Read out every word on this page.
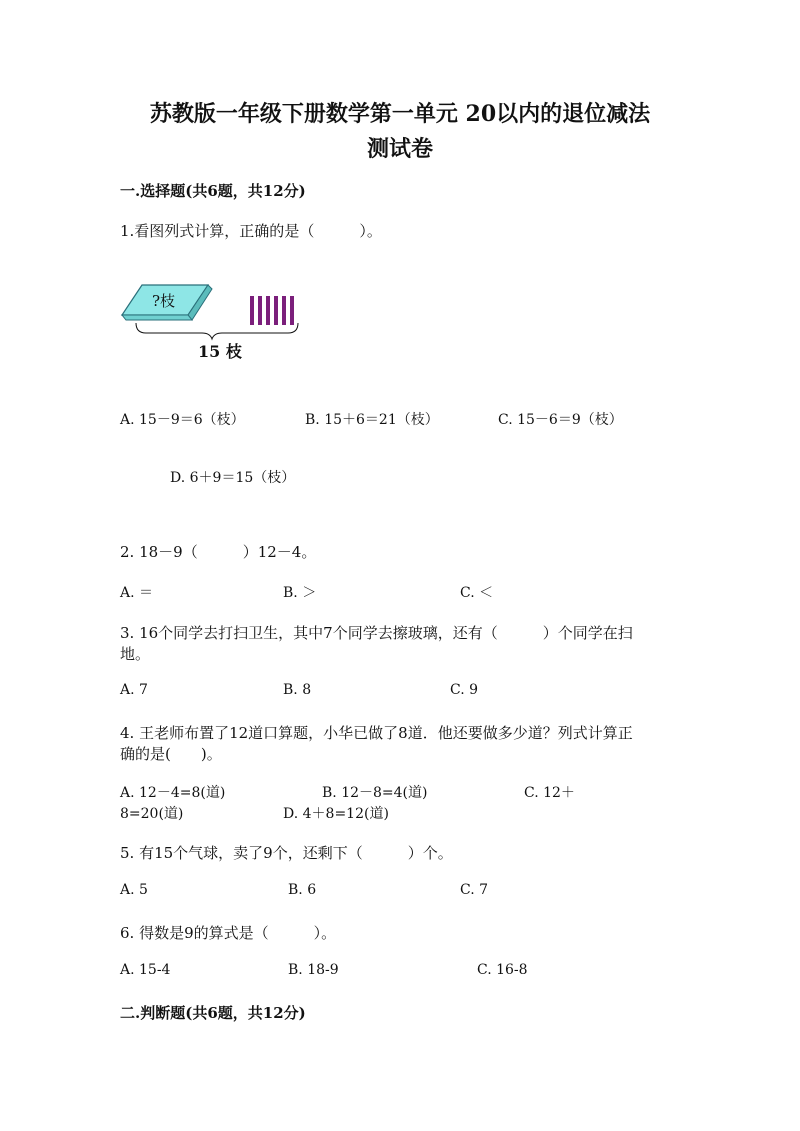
苏教版一年级下册数学第一单元 20以内的退位减法
测试卷
一.选择题(共6题，共12分)
1.看图列式计算，正确的是（　　　）。
?枝
15 枝
A. 15－9＝6（枝）	B. 15＋6＝21（枝）	C. 15－6＝9（枝）
D. 6＋9＝15（枝）
2. 18－9（　　　）12－4。
A. ＝	B. ＞	C. ＜
3. 16个同学去打扫卫生，其中7个同学去擦玻璃，还有（　　　）个同学在扫
地。
A. 7	B. 8	C. 9
4. 王老师布置了12道口算题，小华已做了8道．他还要做多少道？列式计算正
确的是(　　)。
A. 12－4=8(道)	B. 12－8=4(道)	C. 12＋
8=20(道)	D. 4＋8=12(道)
5. 有15个气球，卖了9个，还剩下（　　　）个。
A. 5	B. 6	C. 7
6. 得数是9的算式是（　　　）。
A. 15-4	B. 18-9	C. 16-8
二.判断题(共6题，共12分)
